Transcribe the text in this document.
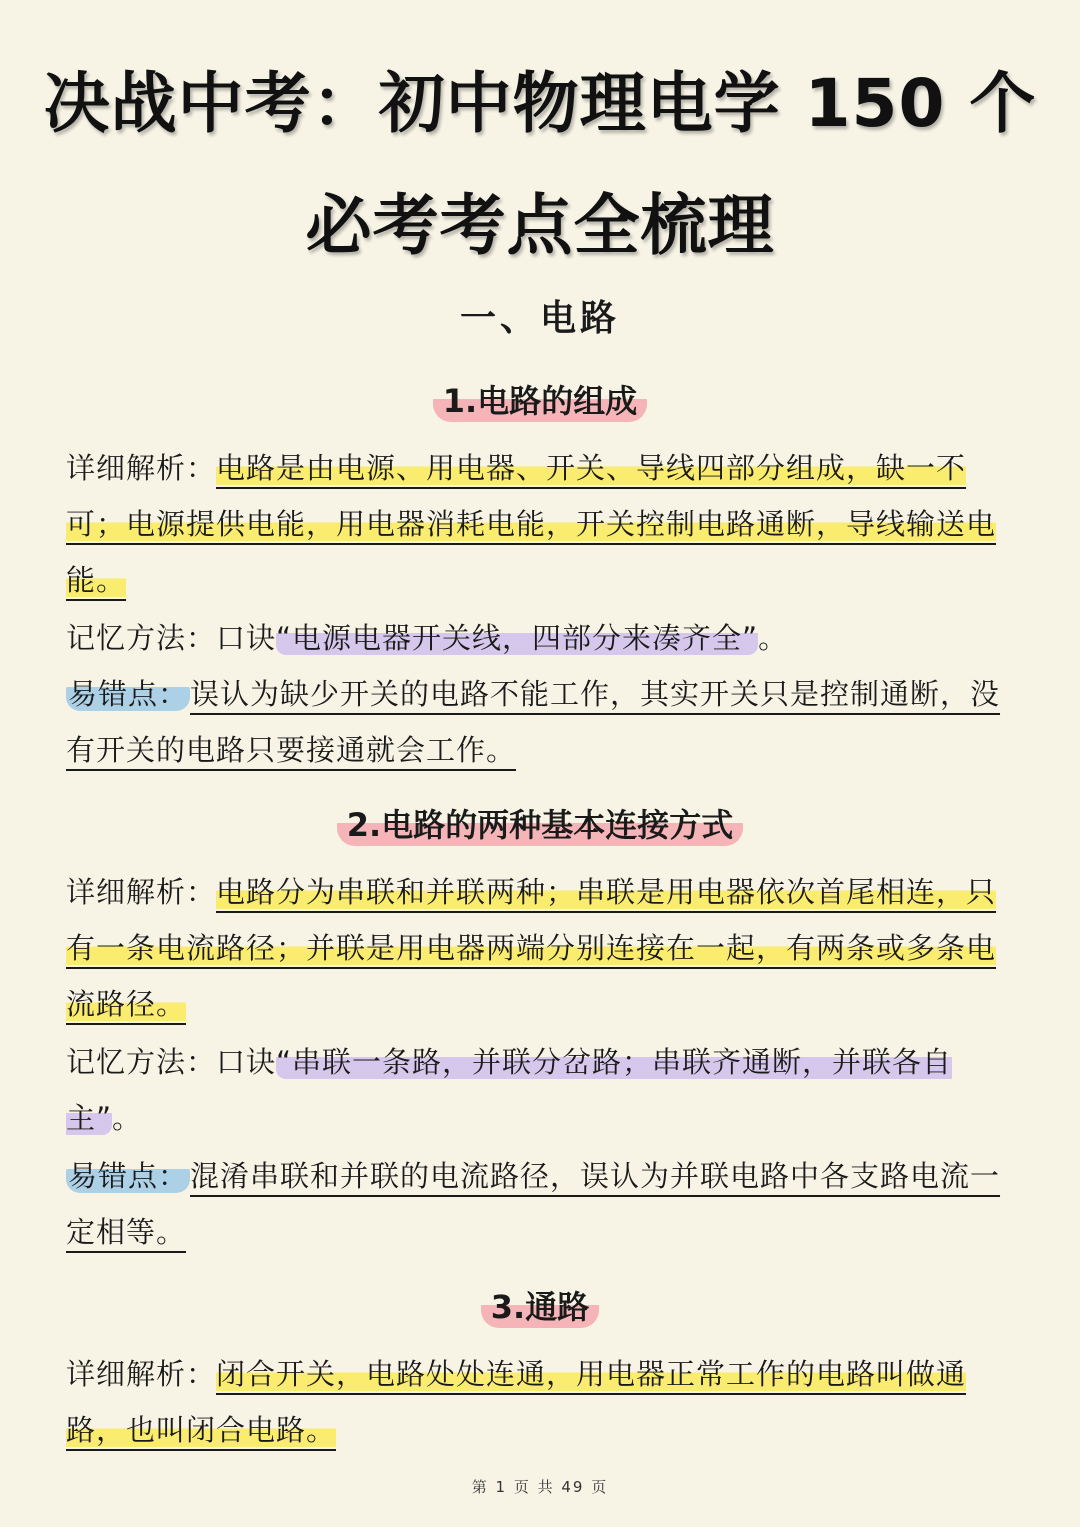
决战中考：初中物理电学 150 个
必考考点全梳理
一、电路
1.电路的组成

详细解析：电路是由电源、用电器、开关、导线四部分组成，缺一不可；电源提供电能，用电器消耗电能，开关控制电路通断，导线输送电能。

记忆方法：口诀“电源电器开关线，四部分来凑齐全”。

易错点：误认为缺少开关的电路不能工作，其实开关只是控制通断，没有开关的电路只要接通就会工作。

2.电路的两种基本连接方式

详细解析：电路分为串联和并联两种；串联是用电器依次首尾相连，只有一条电流路径；并联是用电器两端分别连接在一起，有两条或多条电流路径。

记忆方法：口诀“串联一条路，并联分岔路；串联齐通断，并联各自主”。

易错点：混淆串联和并联的电流路径，误认为并联电路中各支路电流一定相等。

3.通路

详细解析：闭合开关，电路处处连通，用电器正常工作的电路叫做通路，也叫闭合电路。

第 1 页 共 49 页
